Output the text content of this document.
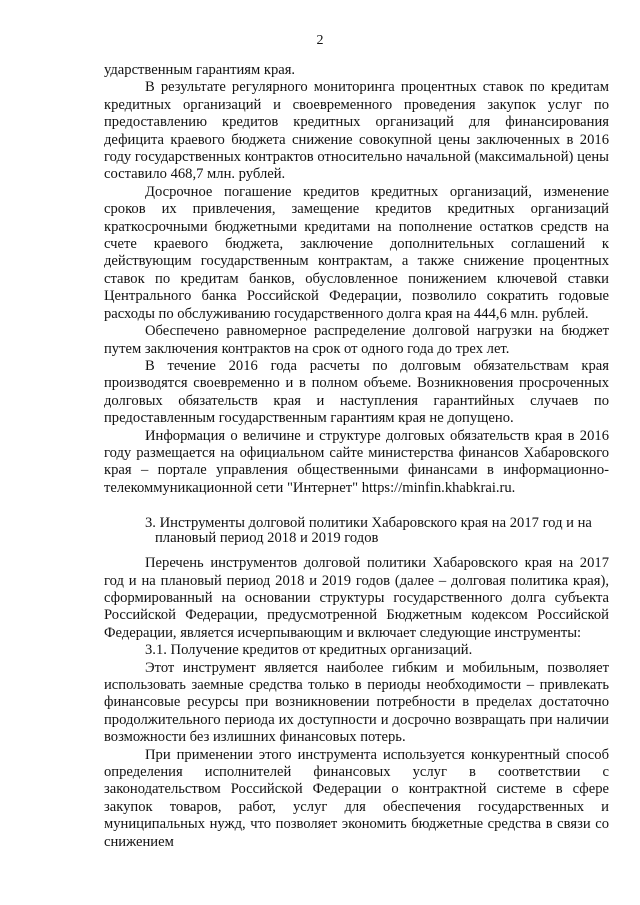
2

ударственным гарантиям края.

В результате регулярного мониторинга процентных ставок по кредитам кредитных организаций и своевременного проведения закупок услуг по предоставлению кредитов кредитных организаций для финансирования дефицита краевого бюджета снижение совокупной цены заключенных в 2016 году государственных контрактов относительно начальной (максимальной) цены составило 468,7 млн. рублей.

Досрочное погашение кредитов кредитных организаций, изменение сроков их привлечения, замещение кредитов кредитных организаций краткосрочными бюджетными кредитами на пополнение остатков средств на счете краевого бюджета, заключение дополнительных соглашений к действующим государственным контрактам, а также снижение процентных ставок по кредитам банков, обусловленное понижением ключевой ставки Центрального банка Российской Федерации, позволило сократить годовые расходы по обслуживанию государственного долга края на 444,6 млн. рублей.

Обеспечено равномерное распределение долговой нагрузки на бюджет путем заключения контрактов на срок от одного года до трех лет.

В течение 2016 года расчеты по долговым обязательствам края производятся своевременно и в полном объеме. Возникновения просроченных долговых обязательств края и наступления гарантийных случаев по предоставленным государственным гарантиям края не допущено.

Информация о величине и структуре долговых обязательств края в 2016 году размещается на официальном сайте министерства финансов Хабаровского края – портале управления общественными финансами в информационно-телекоммуникационной сети "Интернет" https://minfin.khabkrai.ru.

3. Инструменты долговой политики Хабаровского края на 2017 год и на
плановый период 2018 и 2019 годов

Перечень инструментов долговой политики Хабаровского края на 2017 год и на плановый период 2018 и 2019 годов (далее – долговая политика края), сформированный на основании структуры государственного долга субъекта Российской Федерации, предусмотренной Бюджетным кодексом Российской Федерации, является исчерпывающим и включает следующие инструменты:

3.1. Получение кредитов от кредитных организаций.

Этот инструмент является наиболее гибким и мобильным, позволяет использовать заемные средства только в периоды необходимости – привлекать финансовые ресурсы при возникновении потребности в пределах достаточно продолжительного периода их доступности и досрочно возвращать при наличии возможности без излишних финансовых потерь.

При применении этого инструмента используется конкурентный способ определения исполнителей финансовых услуг в соответствии с законодательством Российской Федерации о контрактной системе в сфере закупок товаров, работ, услуг для обеспечения государственных и муниципальных нужд, что позволяет экономить бюджетные средства в связи со снижением
